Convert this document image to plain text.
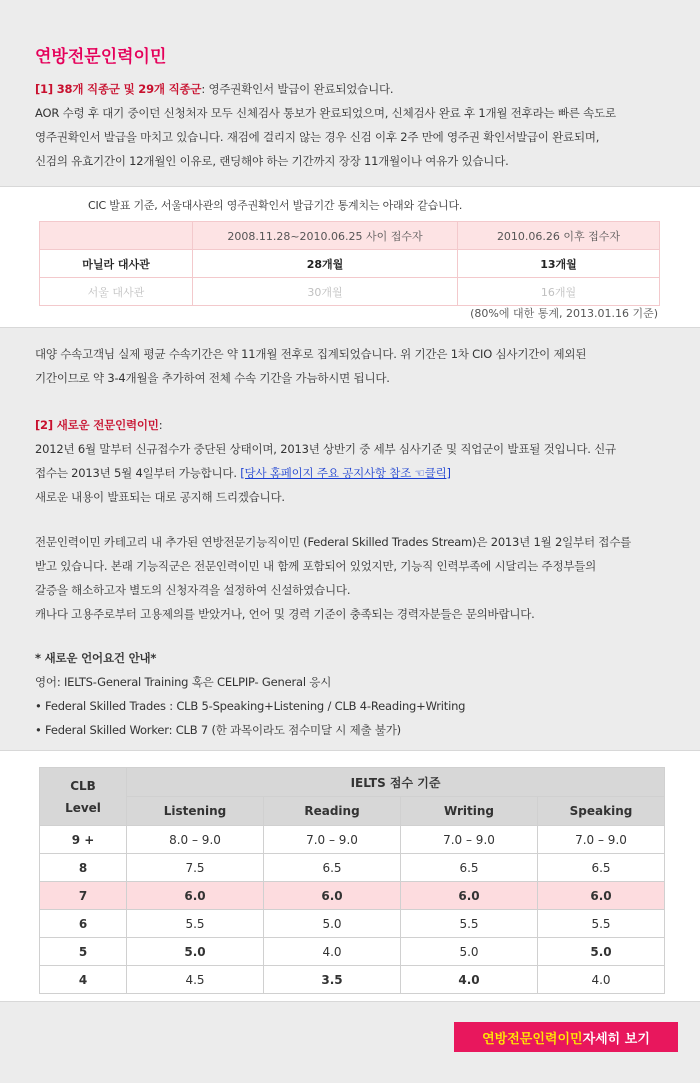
연방전문인력이민

[1] 38개 직종군 및 29개 직종군: 영주권확인서 발급이 완료되었습니다.

AOR 수령 후 대기 중이던 신청처자 모두 신체검사 통보가 완료되었으며, 신체검사 완료 후 1개월 전후라는 빠른 속도로

영주권확인서 발급을 마치고 있습니다. 재검에 걸리지 않는 경우 신검 이후 2주 만에 영주권 확인서발급이 완료되며,

신검의 유효기간이 12개월인 이유로, 랜딩해야 하는 기간까지 장장 11개월이나 여유가 있습니다.

CIC 발표 기준, 서울대사관의 영주권확인서 발급기간 통계치는 아래와 같습니다.
	2008.11.28~2010.06.25 사이 접수자	2010.06.26 이후 접수자
마닐라 대사관	28개월	13개월
서울 대사관	30개월	16개월
(80%에 대한 통계, 2013.01.16 기준)

대양 수속고객님 실제 평균 수속기간은 약 11개월 전후로 집계되었습니다. 위 기간은 1차 CIO 심사기간이 제외된

기간이므로 약 3-4개월을 추가하여 전체 수속 기간을 가늠하시면 됩니다.

[2] 새로운 전문인력이민:

2012년 6월 말부터 신규접수가 중단된 상태이며, 2013년 상반기 중 세부 심사기준 및 직업군이 발표될 것입니다. 신규

접수는 2013년 5월 4일부터 가능합니다. [당사 홈페이지 주요 공지사항 참조 ☜클릭]

새로운 내용이 발표되는 대로 공지해 드리겠습니다.

전문인력이민 카테고리 내 추가된 연방전문기능직이민 (Federal Skilled Trades Stream)은 2013년 1월 2일부터 접수를

받고 있습니다. 본래 기능직군은 전문인력이민 내 함께 포함되어 있었지만, 기능직 인력부족에 시달리는 주정부들의

갈증을 해소하고자 별도의 신청자격을 설정하여 신설하였습니다.

캐나다 고용주로부터 고용제의를 받았거나, 언어 및 경력 기준이 충족되는 경력자분들은 문의바랍니다.

* 새로운 언어요건 안내*

영어: IELTS-General Training 혹은 CELPIP- General 응시

• Federal Skilled Trades : CLB 5-Speaking+Listening / CLB 4-Reading+Writing

• Federal Skilled Worker: CLB 7 (한 과목이라도 점수미달 시 제출 불가)

CLB
Level	IELTS 점수 기준			
	Listening	Reading	Writing	Speaking
9 +	8.0 – 9.0	7.0 – 9.0	7.0 – 9.0	7.0 – 9.0
8	7.5	6.5	6.5	6.5
7	6.0	6.0	6.0	6.0
6	5.5	5.0	5.5	5.5
5	5.0	4.0	5.0	5.0
4	4.5	3.5	4.0	4.0
연방전문인력이민 자세히 보기
